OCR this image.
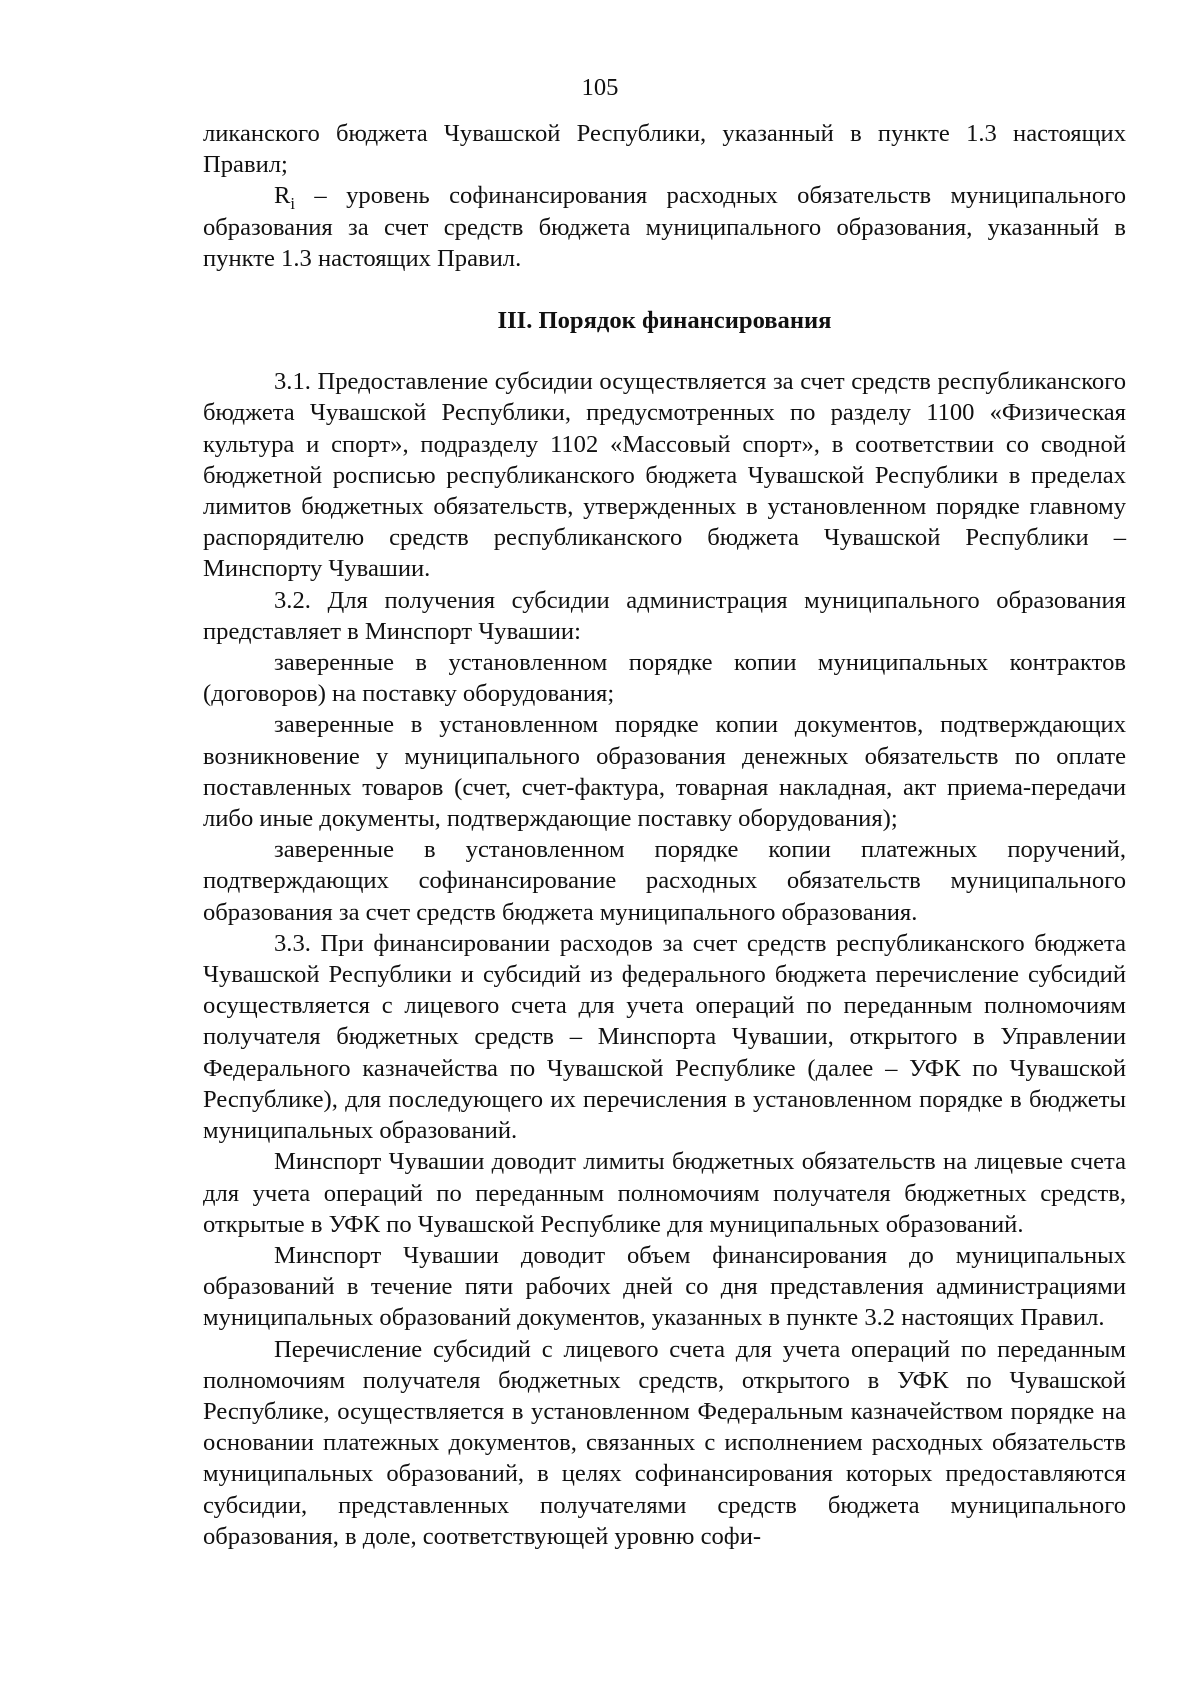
105

ликанского бюджета Чувашской Республики, указанный в пункте 1.3 настоящих Правил;

$R_i$ – уровень софинансирования расходных обязательств муниципального образования за счет средств бюджета муниципального образования, указанный в пункте 1.3 настоящих Правил.

III. Порядок финансирования

3.1. Предоставление субсидии осуществляется за счет средств республиканского бюджета Чувашской Республики, предусмотренных по разделу 1100 «Физическая культура и спорт», подразделу 1102 «Массовый спорт», в соответствии со сводной бюджетной росписью республиканского бюджета Чувашской Республики в пределах лимитов бюджетных обязательств, утвержденных в установленном порядке главному распорядителю средств республиканского бюджета Чувашской Республики – Минспорту Чувашии.

3.2. Для получения субсидии администрация муниципального образования представляет в Минспорт Чувашии:

заверенные в установленном порядке копии муниципальных контрактов (договоров) на поставку оборудования;

заверенные в установленном порядке копии документов, подтверждающих возникновение у муниципального образования денежных обязательств по оплате поставленных товаров (счет, счет-фактура, товарная накладная, акт приема-передачи либо иные документы, подтверждающие поставку оборудования);

заверенные в установленном порядке копии платежных поручений, подтверждающих софинансирование расходных обязательств муниципального образования за счет средств бюджета муниципального образования.

3.3. При финансировании расходов за счет средств республиканского бюджета Чувашской Республики и субсидий из федерального бюджета перечисление субсидий осуществляется с лицевого счета для учета операций по переданным полномочиям получателя бюджетных средств – Минспорта Чувашии, открытого в Управлении Федерального казначейства по Чувашской Республике (далее – УФК по Чувашской Республике), для последующего их перечисления в установленном порядке в бюджеты муниципальных образований.

Минспорт Чувашии доводит лимиты бюджетных обязательств на лицевые счета для учета операций по переданным полномочиям получателя бюджетных средств, открытые в УФК по Чувашской Республике для муниципальных образований.

Минспорт Чувашии доводит объем финансирования до муниципальных образований в течение пяти рабочих дней со дня представления администрациями муниципальных образований документов, указанных в пункте 3.2 настоящих Правил.

Перечисление субсидий с лицевого счета для учета операций по переданным полномочиям получателя бюджетных средств, открытого в УФК по Чувашской Республике, осуществляется в установленном Федеральным казначейством порядке на основании платежных документов, связанных с исполнением расходных обязательств муниципальных образований, в целях софинансирования которых предоставляются субсидии, представленных получателями средств бюджета муниципального образования, в доле, соответствующей уровню софи-
